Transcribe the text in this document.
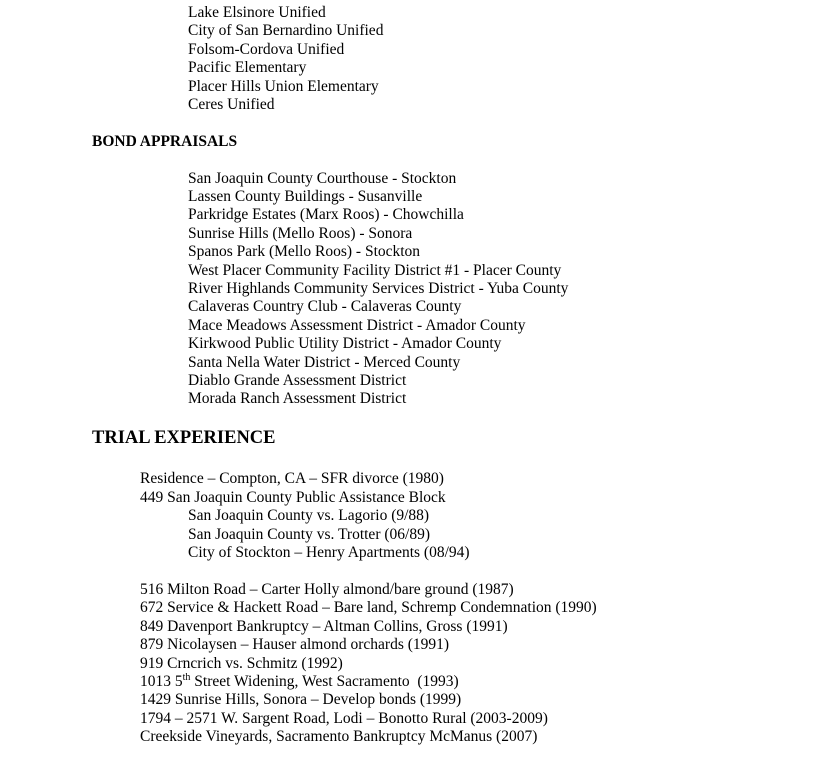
Lake Elsinore Unified
City of San Bernardino Unified
Folsom-Cordova Unified
Pacific Elementary
Placer Hills Union Elementary
Ceres Unified
BOND APPRAISALS
San Joaquin County Courthouse - Stockton
Lassen County Buildings - Susanville
Parkridge Estates (Marx Roos) - Chowchilla
Sunrise Hills (Mello Roos) - Sonora
Spanos Park (Mello Roos) - Stockton
West Placer Community Facility District #1 - Placer County
River Highlands Community Services District - Yuba County
Calaveras Country Club - Calaveras County
Mace Meadows Assessment District - Amador County
Kirkwood Public Utility District - Amador County
Santa Nella Water District - Merced County
Diablo Grande Assessment District
Morada Ranch Assessment District
TRIAL EXPERIENCE
Residence – Compton, CA – SFR divorce (1980)
449 San Joaquin County Public Assistance Block
San Joaquin County vs. Lagorio (9/88)
San Joaquin County vs. Trotter (06/89)
City of Stockton – Henry Apartments (08/94)
516 Milton Road – Carter Holly almond/bare ground (1987)
672 Service & Hackett Road – Bare land, Schremp Condemnation (1990)
849 Davenport Bankruptcy – Altman Collins, Gross (1991)
879 Nicolaysen – Hauser almond orchards (1991)
919 Crncrich vs. Schmitz (1992)
1013 5th Street Widening, West Sacramento  (1993)
1429 Sunrise Hills, Sonora – Develop bonds (1999)
1794 – 2571 W. Sargent Road, Lodi – Bonotto Rural (2003-2009)
Creekside Vineyards, Sacramento Bankruptcy McManus (2007)
